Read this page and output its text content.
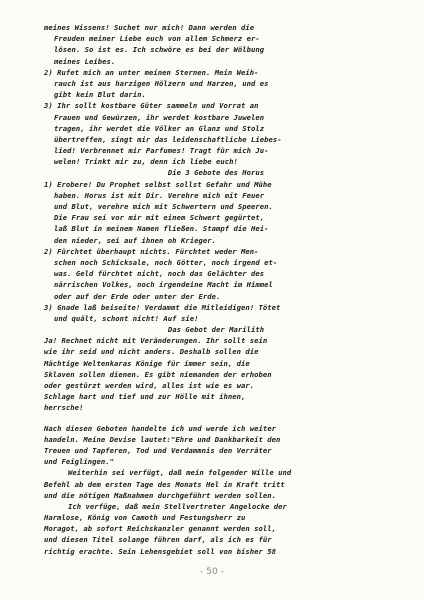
meines Wissens! Suchet nur mich! Dann werden die
Freuden meiner Liebe euch von allem Schmerz er-
lösen. So ist es. Ich schwöre es bei der Wölbung
meines Leibes.
2) Rufet mich an unter meinen Sternen. Mein Weih-
rauch ist aus harzigen Hölzern und Harzen, und es
gibt kein Blut darin.
3) Ihr sollt kostbare Güter sammeln und Vorrat an
Frauen und Gewürzen, ihr werdet kostbare Juwelen
tragen, ihr werdet die Völker an Glanz und Stolz
übertreffen, singt mir das leidenschaftliche Liebes-
lied! Verbrennet mir Parfumes! Tragt für mich Ju-
welen! Trinkt mir zu, denn ich liebe euch!
Die 3 Gebote des Horus
1) Erobere! Du Prophet selbst sollst Gefahr und Mühe
haben. Horus ist mit Dir. Verehre mich mit Feuer
und Blut, verehre mich mit Schwertern und Speeren.
Die Frau sei vor mir mit einem Schwert gegürtet,
laß Blut in meinem Namen fließen. Stampf die Hei-
den nieder, sei auf ihnen oh Krieger.
2) Fürchtet überhaupt nichts. Fürchtet weder Men-
schen noch Schicksale, noch Götter, noch irgend et-
was. Geld fürchtet nicht, noch das Gelächter des
närrischen Volkes, noch irgendeine Macht im Himmel
oder auf der Erde oder unter der Erde.
3) Gnade laß beiseite! Verdammt die Mitleidigen! Tötet
und quält, schont nicht! Auf sie!
Das Gebot der Marilith
Ja! Rechnet nicht mit Veränderungen. Ihr sollt sein
wie ihr seid und nicht anders. Deshalb sollen die
Mächtige Weltenkaras Könige für immer sein, die
Sklaven sollen dienen. Es gibt niemanden der erhoben
oder gestürzt werden wird, alles ist wie es war.
Schlage hart und tief und zur Hölle mit ihnen,
herrsche!
Nach diesen Geboten handelte ich und werde ich weiter
handeln. Meine Devise lautet:"Ehre und Dankbarkeit den
Treuen und Tapferen, Tod und Verdammnis den Verräter
und Feiglingen."
Weiterhin sei verfügt, daß mein folgender Wille und
Befehl ab dem ersten Tage des Monats Hel in Kraft tritt
und die nötigen Maßnahmen durchgeführt werden sollen.
Ich verfüge, daß mein Stellvertreter Angelocke der
Harmlose, König von Camoth und Festungsherr zu
Moragot, ab sofort Reichskanzler genannt werden soll,
und diesen Titel solange führen darf, als ich es für
richtig erachte. Sein Lehensgebiet soll von bisher 58
- 50 -
